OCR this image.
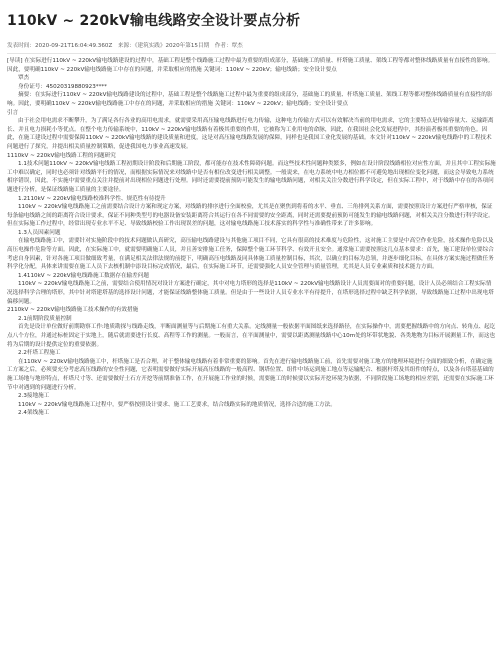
110kV ~ 220kV输电线路安全设计要点分析
发表时间：2020-09-21T16:04:49.360Z　来源：《建筑实践》2020年第15目期　作者：覃杰

[导读] 在实际进行110kV ~ 220kV输电线路建设的过程中，基础工程是整个线路施工过程中最为重要的组成部分，基础施工的质量、杆塔施工质量、架线工程等都对整体线路质量有直接性的影响。因此，要明确110kV ~ 220kV输电线路施工中存在的问题，并采取相应的措施 关键词：110kV ~ 220kV；输电线路；安全设计要点

覃杰

身份证号：45020319880923****

摘要：在实际进行110kV ~ 220kV输电线路建设的过程中，基础工程是整个线路施工过程中最为重要的组成部分，基础施工的质量、杆塔施工质量、架线工程等都对整体线路质量有直接性的影响。因此，要明确110kV ~ 220kV输电线路施工中存在的问题，并采取相应的措施 关键词：110kV ~ 220kV；输电线路；安全设计要点

引言

由于社会用电需求不断攀升，为了满足各行各业的高用电需求，就需要采用高压输电线路进行电力传输，这种电力传输方式可以有效解决当前的用电需求，它的主要特点是传输容量大、运输距离长、并且电力损耗小等优点。在整个电力传输系统中，110kV ~ 220kV输电线路有着极其重要的作用，它被称为工业用电的命脉，因此，在我国社会化发展进程中，其扮演者极其重要的角色。因此，在施工建设过程中需要保障110kV ~ 220kV输电线路的建设质量和进度，这是对高压输电线路发展的保障，同样也是我国工业化发展的基础。本文针对110kV ~ 220kV输电线路中的工程技术问题进行了探究，并提出相关质量控制策略，促进我国电力事业高速发展。

1110kV ~ 220kV输电线路工程的问题研究

1.1技术问题110kV ~ 220kV输电线路工程初期设计阶段和后期施工阶段，都可能存在技术性障碍问题。而这些技术性问题种类繁多，例如在设计阶段线路相位对应性方面，并且其中工程实际施工中难以确定，同时也必须针对线路平行的情况，而根据实际情况来对线路中是否有相位改变进行相关调整。一般说来，在电力系统中电力相位都不可避免地出现相位变化问题，而这会导致电力系统相序错误，因此，不实施中需要重点关注并提前对出现相位问题进行处理。同时还需要提前预防可能发生的输电线路问题，对相关关注分数进行科学设定，但在实际工程中，对于线路中存在的各项问题进行分析，是保证线路施工质量的主要途径。

1.2110kV ~ 220kV输电线路校准科学性、规范性有待提升

110kV ~ 220kV输电线路施工之前需要结合设计方案和现定方案，对线路的排序进行全面校验，尤其是在聚焦到将着的水平、垂直、三角排列关系方面，需要按照设计方案进行严格审核，保证每条输电线路之间的距离符合设计要求，保证不同种类型号的电器设备安装距离符合其运行在各不同需要的安全距离，同时还需要提前预防可能发生的输电线路问题，对相关关注分数进行科学设定。但在实际施工作过程中，经常出现专业水平不足、导致线路校验工作出现误差的问题，这对输电线路施工技术落实的科学性与准确性带来了许多影响。

1.3人员因素问题

在输电线路施工中，需要针对实施阶段中的技术问题做认真研究，高压输电线路建设与其他施工项目不同，它具有很高的技术难度与危险性，这对施工主要是中高空作业危险，技术操作危险以及高压电操作危险等方面。因此，在实际施工中，就需要明确施工人员，并且善安排施工任务，保障整个施工环节科学、有效开且安全。通常施工需要按照这几点基本要求：首先，施工建设单位要综合考虑自身因素，针对各施工项目做细致考量，在满足相关法律法规的前提下，明确高压电线路及同具体施工质量控制目标，其次，以确立的目标为总领，并逐步细化目标，在具体方案实施过程做任务科学化分配，具体来讲需要在施工人员下去核机制中添设目标完成情况，最后，在实际施工环节，还需要强化人员安全管理与质量管理，尤其是人员专业素质和技术能力方面。

1.4110kV ~ 220kV输电线路施工数据存在输差问题

110kV ~ 220kV输电线路施工之前，需要结合使用情况对设计方案进行确定，其中对电力塔形的选择是110kV ~ 220kV输电线路设计人员需要面对的重要问题，设计人员必须结合工程实际情况选择科学合理的塔形，其中针对塔建塔基的选择设计问题，才能保证线路整体施工质量。但是由于一些设计人员专业水平有待提升，在塔形选择过程中缺乏科学依据，导致线路施工过程中出现电塔偏移问题。

2110kV ~ 220kV输电线路施工技术操作的有效措施

2.1前期阶段质量控制

首先是设计单位做好前期勘察工作:地质勘探与线路走线，平断面测量等与后期施工有重大关系。定线测量一般依据平面图纸来选择路径，在实际操作中，需要把握线路中的方向点、转角点、起讫点八个方位，并通过标桩固定于实地上，随后就需要进行长度、高程等工作的测量。一般而言，在平面测量中，需要以距离测量线路中心10m处的坏带状地貌、各类地物为目标开展测量工作，而这也将为后期的设计提供定位的重要依据。

2.2杆塔工程施工

在110kV ~ 220kV输电线路施工中，杆塔施工是否合理，对于整体输电线路有着非常重要的影响。首先在进行输电线路施工前，首先需要对施工地方的地理环境进行全面的细致分析，在确定施工方案之后，必须要充分考虑高压线路的安全性问题，它表明需要做好实际开展高压线路的一般高程、钢塔位置、组件中场运到施工地点等运输配合、根据杆塔及其组件的特点，以及各台塔基基础的施工场地与地形特点，杆塔尺寸等、还需要做好土石方开挖等前期准备工作，在开展施工作业的时候，需要施工的时候要以实际开挖环境为依据，不同阶段施工场地的相应差别，还需要在实际施工环节中对遇到的问题进行分析。

2.3接地施工

110kV ~ 220kV输电线路施工过程中，要严格按照设计要求、施工工艺要求，结合线路实际的地质情况，选择合适的施工方法。

2.4架线施工
